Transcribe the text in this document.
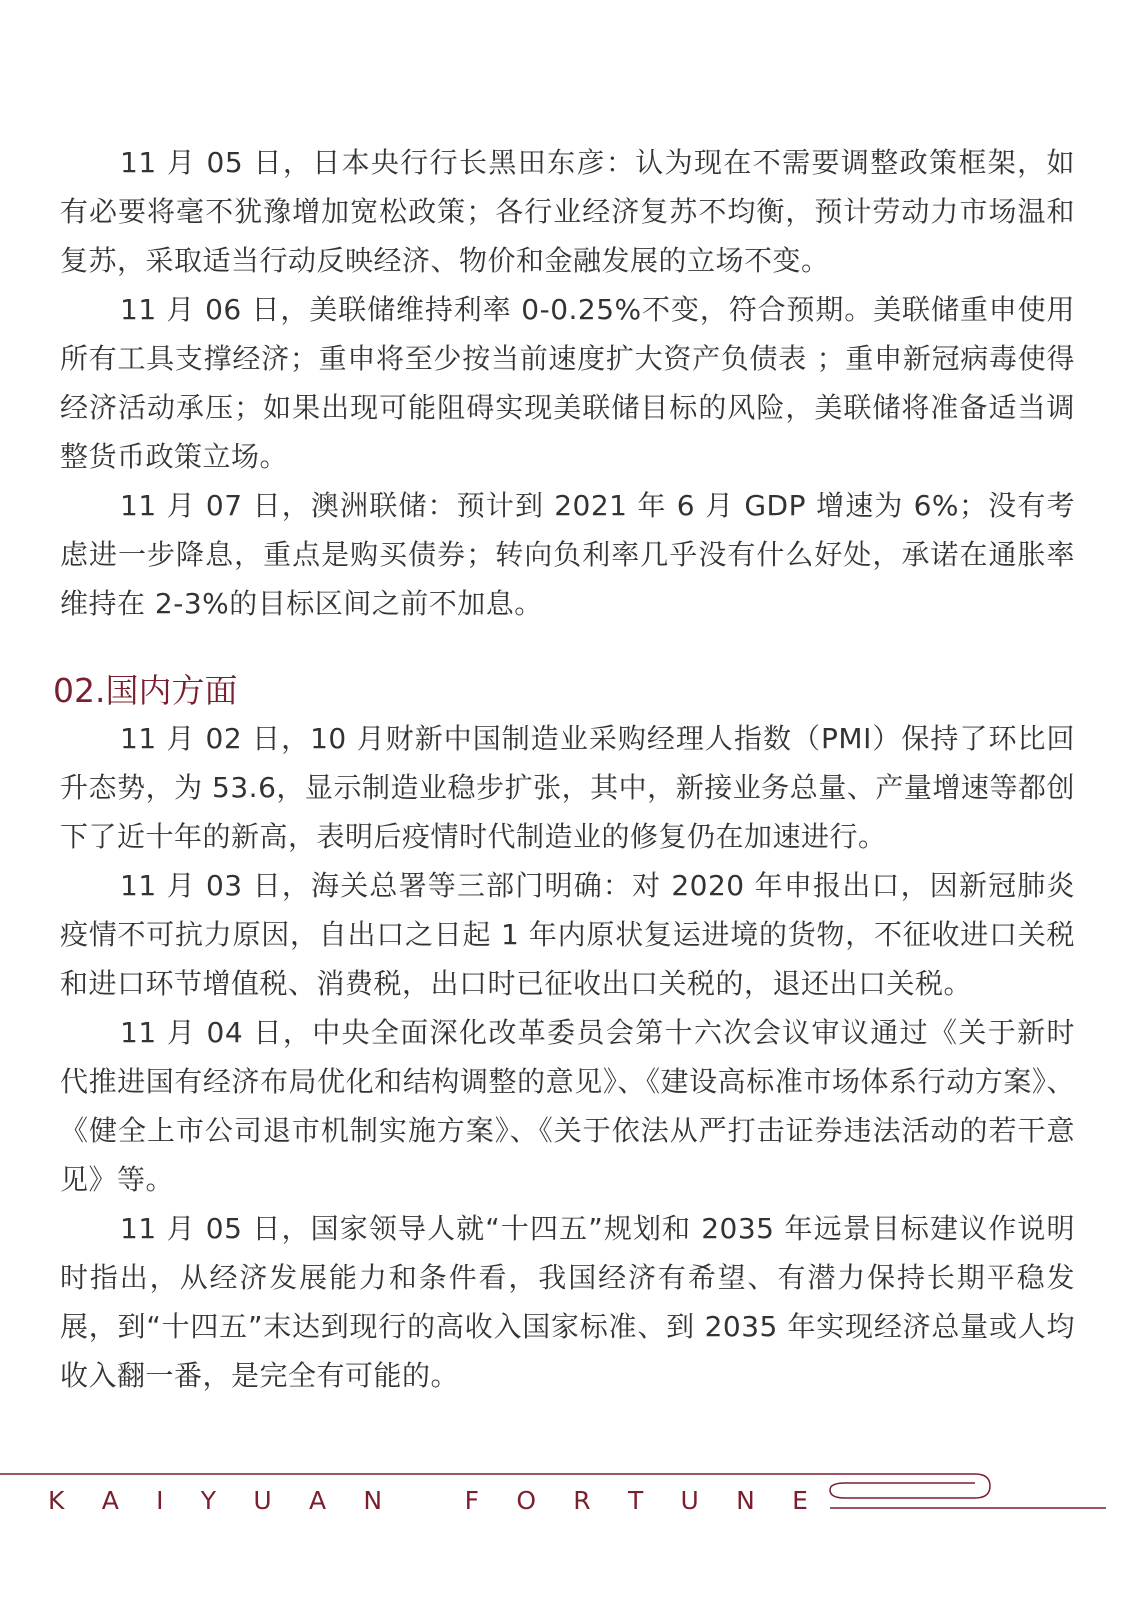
11 月 05 日，日本央行行长黑田东彦：认为现在不需要调整政策框架，如有必要将毫不犹豫增加宽松政策；各行业经济复苏不均衡，预计劳动力市场温和复苏，采取适当行动反映经济、物价和金融发展的立场不变。

11 月 06 日，美联储维持利率 0-0.25%不变，符合预期。美联储重申使用所有工具支撑经济；重申将至少按当前速度扩大资产负债表 ；重申新冠病毒使得经济活动承压；如果出现可能阻碍实现美联储目标的风险，美联储将准备适当调整货币政策立场。

11 月 07 日，澳洲联储：预计到 2021 年 6 月 GDP 增速为 6%；没有考虑进一步降息，重点是购买债券；转向负利率几乎没有什么好处，承诺在通胀率维持在 2-3%的目标区间之前不加息。

02.国内方面

11 月 02 日，10 月财新中国制造业采购经理人指数（PMI）保持了环比回升态势，为 53.6，显示制造业稳步扩张，其中，新接业务总量、产量增速等都创下了近十年的新高，表明后疫情时代制造业的修复仍在加速进行。

11 月 03 日，海关总署等三部门明确：对 2020 年申报出口，因新冠肺炎疫情不可抗力原因，自出口之日起 1 年内原状复运进境的货物，不征收进口关税和进口环节增值税、消费税，出口时已征收出口关税的，退还出口关税。

11 月 04 日，中央全面深化改革委员会第十六次会议审议通过《关于新时代推进国有经济布局优化和结构调整的意见》、《建设高标准市场体系行动方案》、《健全上市公司退市机制实施方案》、《关于依法从严打击证券违法活动的若干意见》等。

11 月 05 日，国家领导人就“十四五”规划和 2035 年远景目标建议作说明时指出，从经济发展能力和条件看，我国经济有希望、有潜力保持长期平稳发展，到“十四五”末达到现行的高收入国家标准、到 2035 年实现经济总量或人均收入翻一番，是完全有可能的。

K A I Y U A N
	F O R T U N E
